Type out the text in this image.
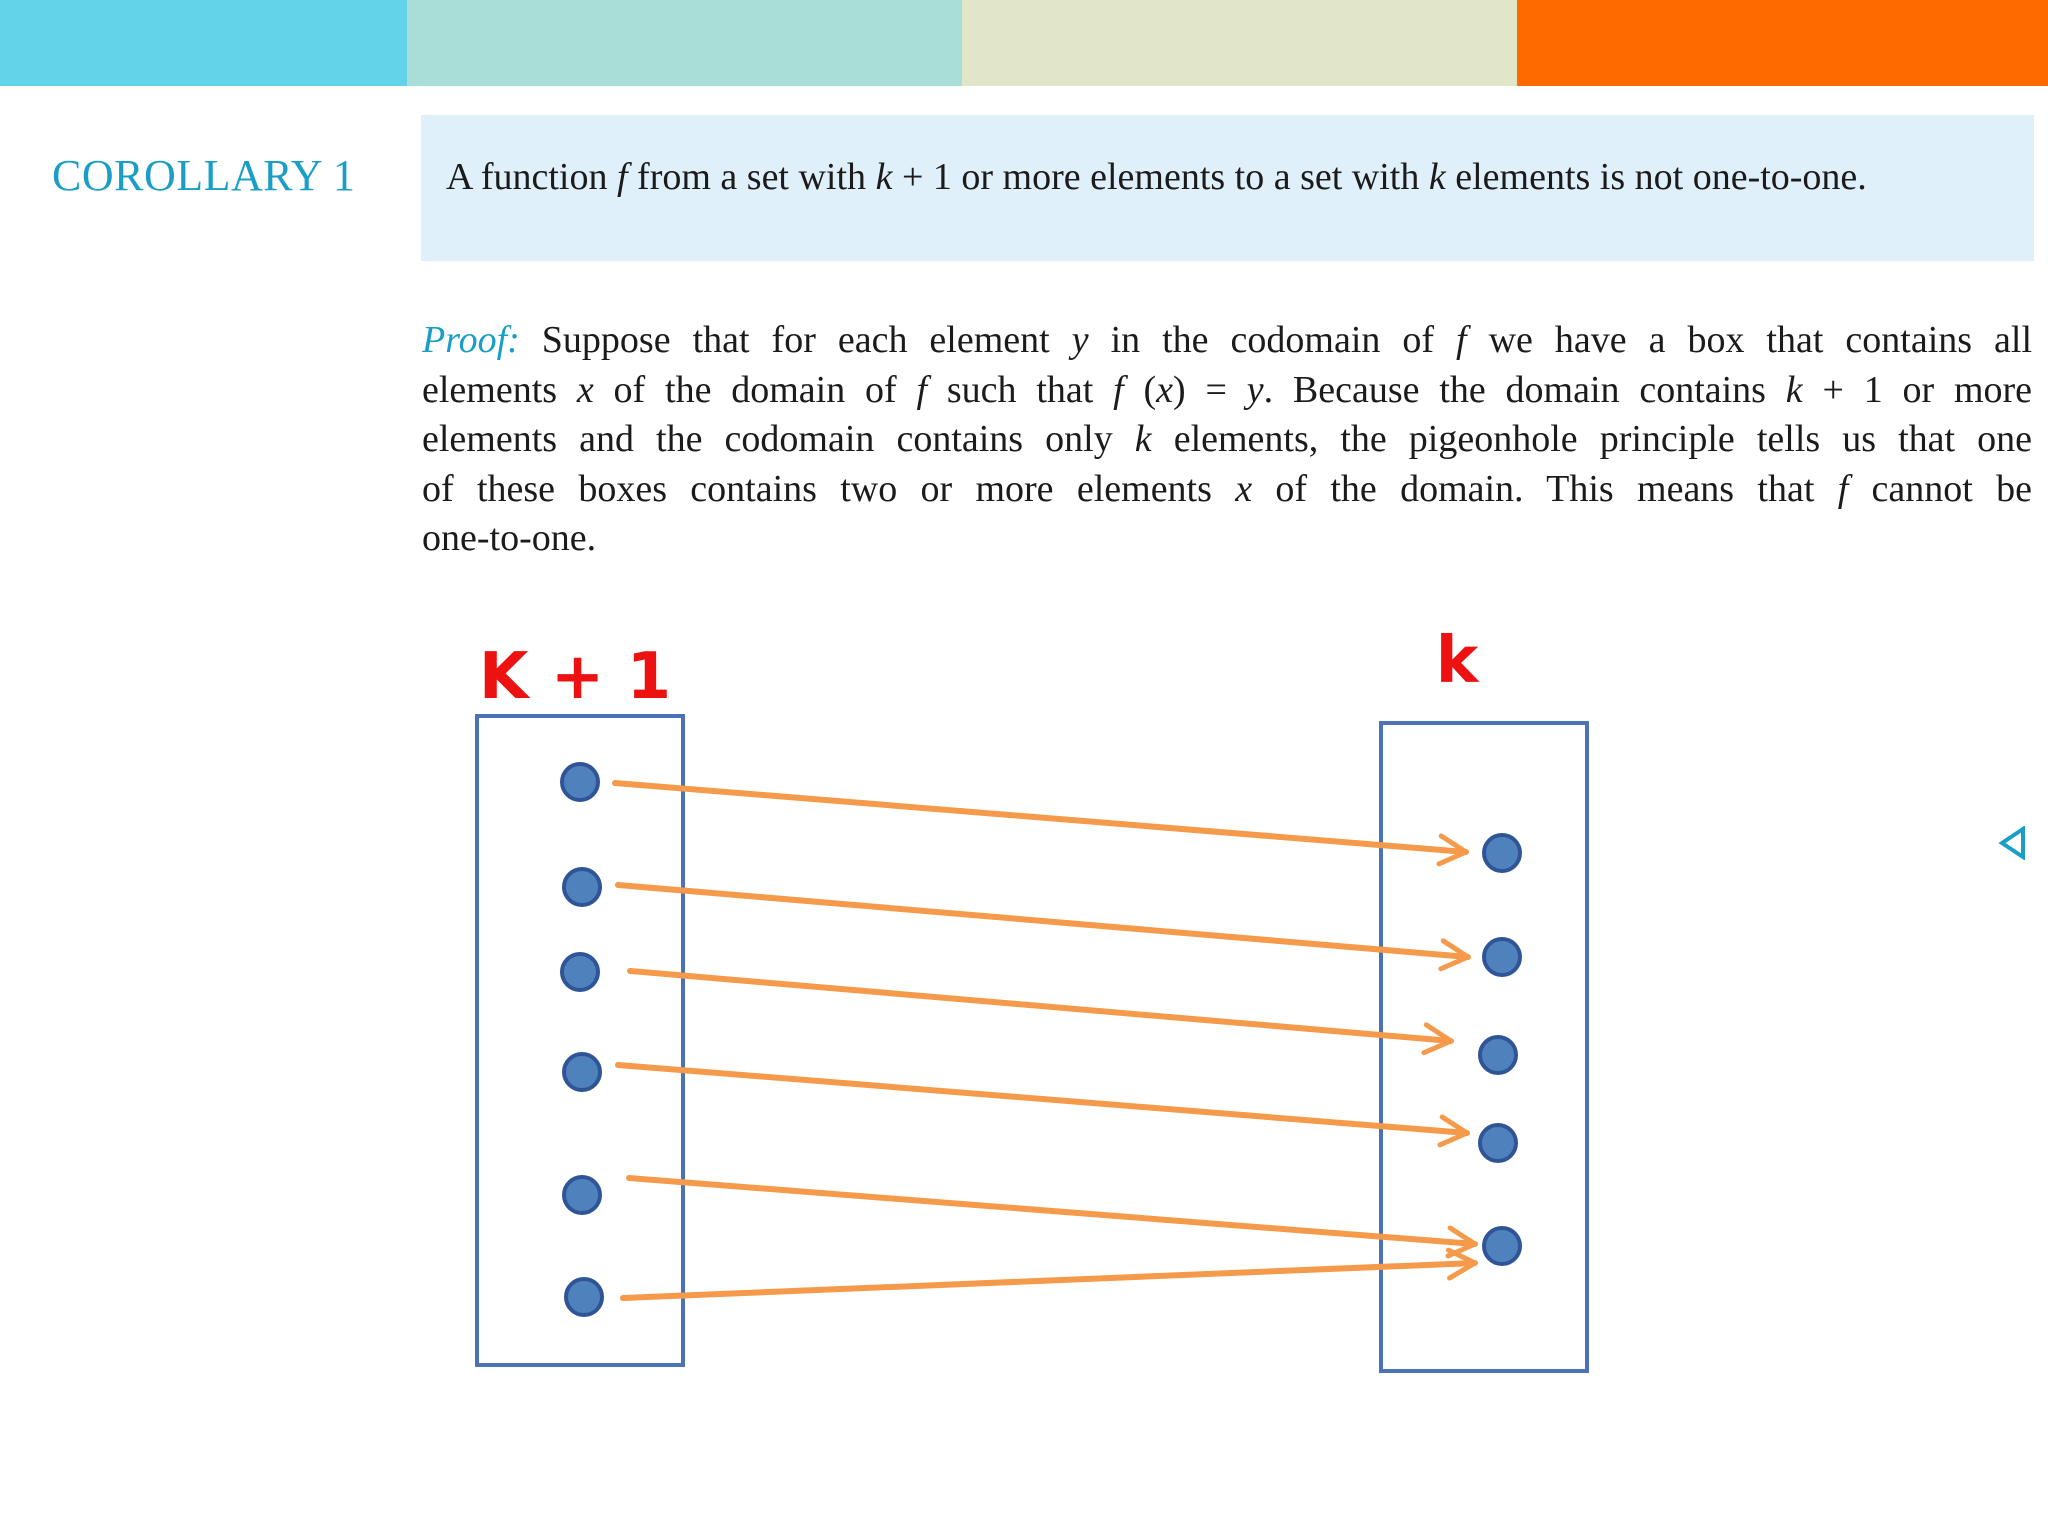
COROLLARY 1 A function f from a set with k + 1 or more elements to a set with k elements is not one-to-one.
Proof: Suppose that for each element y in the codomain of f we have a box that contains all
elements x of the domain of f such that f (x) = y. Because the domain contains k + 1 or more
elements and the codomain contains only k elements, the pigeonhole principle tells us that one
of these boxes contains two or more elements x of the domain. This means that f cannot be
one-to-one.
K + 1	k
